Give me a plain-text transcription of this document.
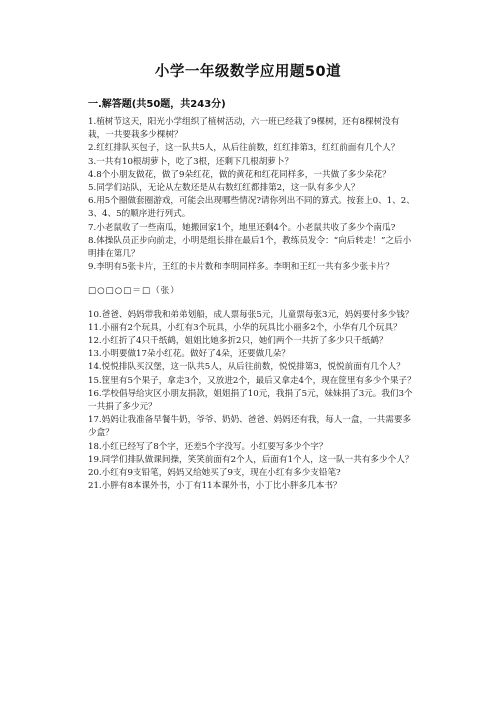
小学一年级数学应用题50道
一.解答题(共50题，共243分)

1.植树节这天，阳光小学组织了植树活动，六一班已经栽了9棵树，还有8棵树没有栽，一共要栽多少棵树？

2.红红排队买包子，这一队共5人，从后往前数，红红排第3，红红前面有几个人？

3.一共有10根胡萝卜，吃了3根，还剩下几根胡萝卜？

4.8个小朋友做花，做了9朵红花，做的黄花和红花同样多，一共做了多少朵花？

5.同学们站队，无论从左数还是从右数红红都排第2，这一队有多少人？

6.用5个圈做套圈游戏，可能会出现哪些情况?请你列出不同的算式。按套上0、1、2、3、4、5的顺序进行列式。

7.小老鼠收了一些南瓜，她搬回家1个，地里还剩4个。小老鼠共收了多少个南瓜?

8.体操队员正步向前走，小明是组长排在最后1个，教练员发令：“向后转走！”之后小明排在第几？

9.李明有5张卡片，王红的卡片数和李明同样多。李明和王红一共有多少张卡片？

□○□○□＝□（张）

10.爸爸、妈妈带我和弟弟划船，成人票每张5元，儿童票每张3元，妈妈要付多少钱？

11.小丽有2个玩具，小红有3个玩具，小华的玩具比小丽多2个，小华有几个玩具？

12.小红折了4只千纸鹤，姐姐比她多折2只，她们两个一共折了多少只千纸鹤？

13.小明要做17朵小红花。做好了4朵，还要做几朵？

14.悦悦排队买汉堡，这一队共5人，从后往前数，悦悦排第3，悦悦前面有几个人？

15.筐里有5个果子，拿走3个，又放进2个，最后又拿走4个，现在筐里有多少个果子？

16.学校倡导给灾区小朋友捐款，姐姐捐了10元，我捐了5元，妹妹捐了3元。我们3个一共捐了多少元？

17.妈妈让我准备早餐牛奶，爷爷、奶奶、爸爸、妈妈还有我，每人一盒，一共需要多少盒？

18.小红已经写了8个字，还差5个字没写。小红要写多少个字？

19.同学们排队做课间操，笑笑前面有2个人，后面有1个人，这一队一共有多少个人？

20.小红有9支铅笔，妈妈又给她买了9支，现在小红有多少支铅笔?

21.小胖有8本课外书，小丁有11本课外书，小丁比小胖多几本书？
